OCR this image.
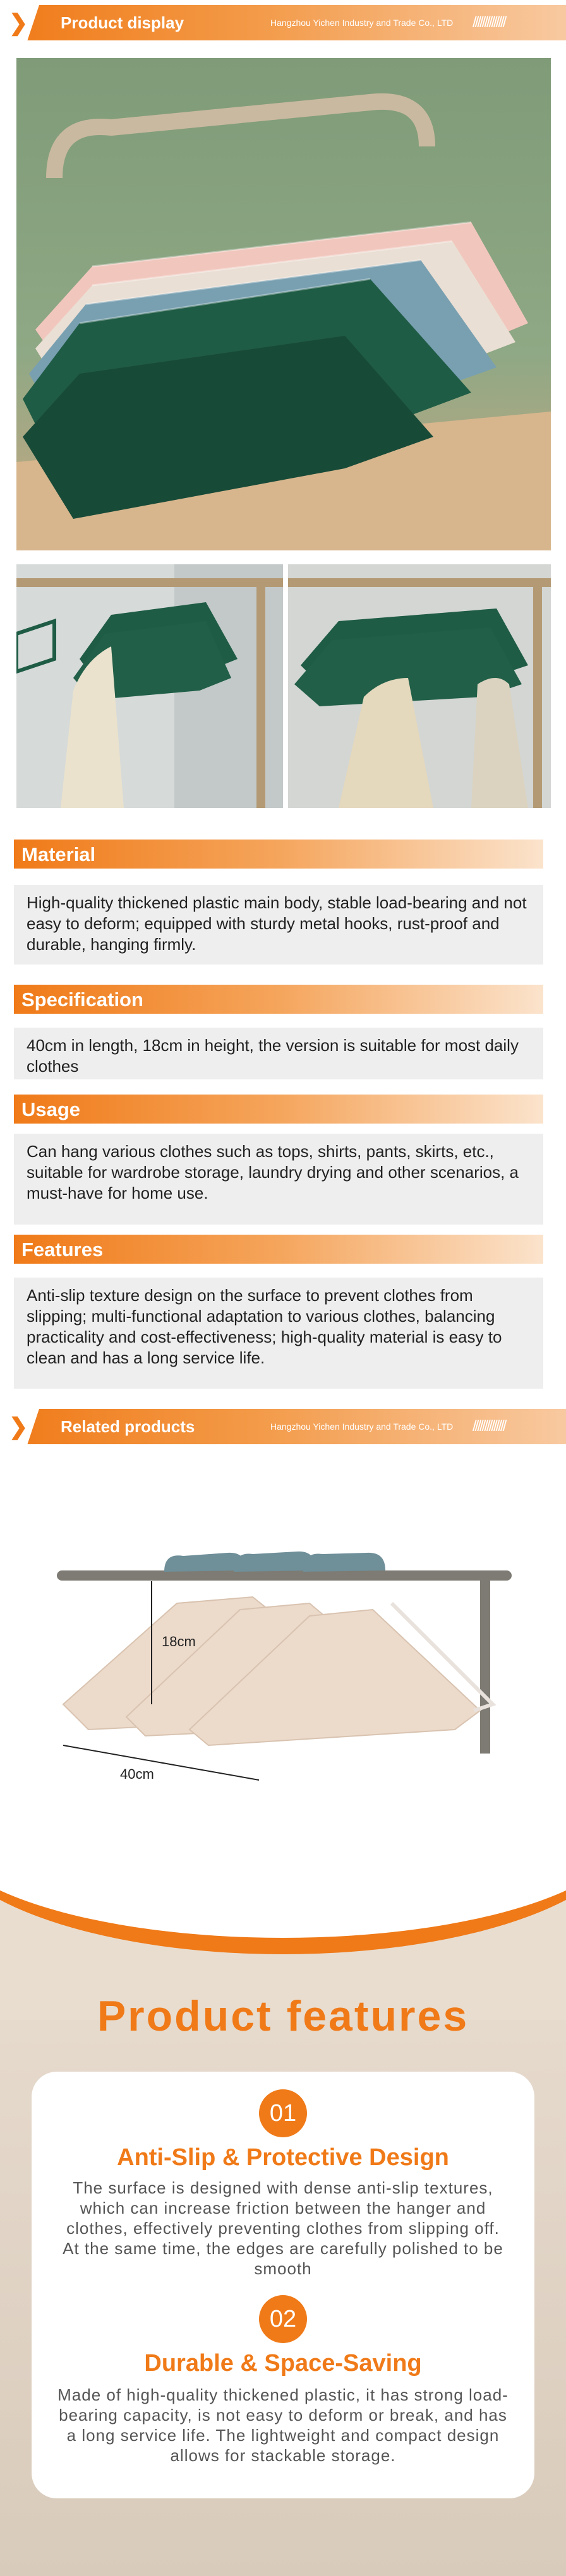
❯ Product display	Hangzhou Yichen Industry and Trade Co., LTD //////////////
Material

High-quality thickened plastic main body, stable load-bearing and not easy to deform; equipped with sturdy metal hooks, rust-proof and durable, hanging firmly.

Specification

40cm in length, 18cm in height, the version is suitable for most daily clothes

Usage

Can hang various clothes such as tops, shirts, pants, skirts, etc., suitable for wardrobe storage, laundry drying and other scenarios, a must-have for home use.

Features

Anti-slip texture design on the surface to prevent clothes from slipping; multi-functional adaptation to various clothes, balancing practicality and cost-effectiveness; high-quality material is easy to clean and has a long service life.

❯ Related products	Hangzhou Yichen Industry and Trade Co., LTD //////////////
18cm
40cm
Product features
01
Anti-Slip & Protective Design
The surface is designed with dense anti-slip textures, which can increase friction between the hanger and clothes, effectively preventing clothes from slipping off. At the same time, the edges are carefully polished to be smooth
02
Durable & Space-Saving
Made of high-quality thickened plastic, it has strong load-bearing capacity, is not easy to deform or break, and has a long service life. The lightweight and compact design allows for stackable storage.
